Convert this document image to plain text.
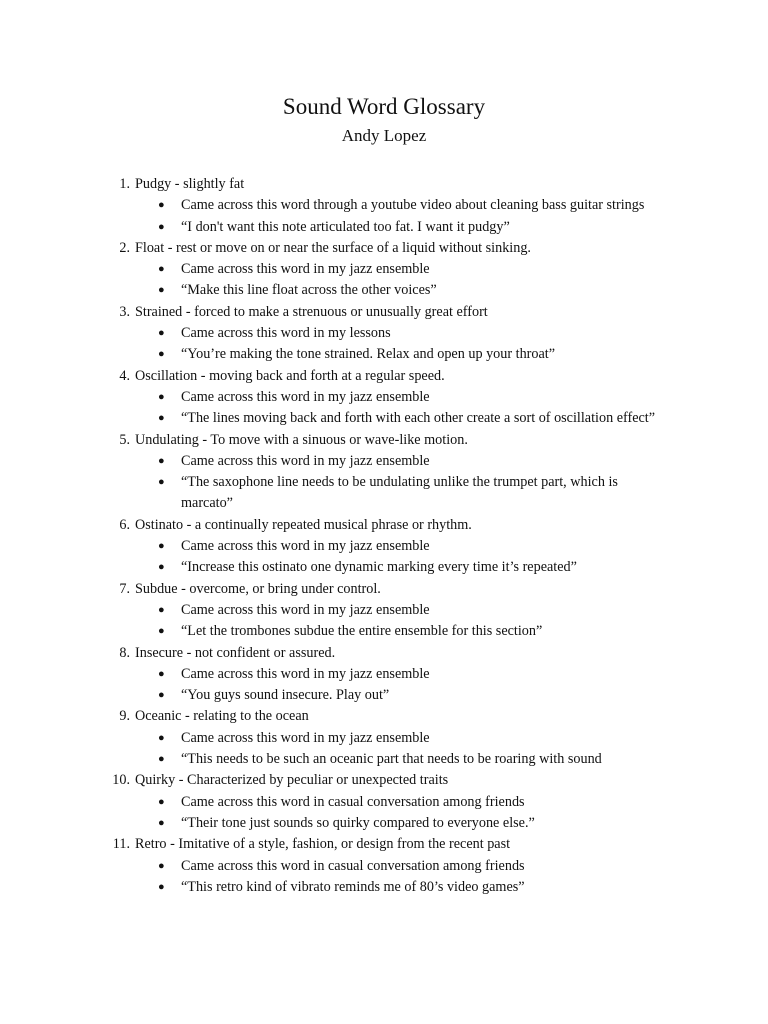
Sound Word Glossary
Andy Lopez
1. Pudgy - slightly fat
● Came across this word through a youtube video about cleaning bass guitar strings
● “I don't want this note articulated too fat. I want it pudgy”
2. Float - rest or move on or near the surface of a liquid without sinking.
● Came across this word in my jazz ensemble
● “Make this line float across the other voices”
3. Strained - forced to make a strenuous or unusually great effort
● Came across this word in my lessons
● “You’re making the tone strained. Relax and open up your throat”
4. Oscillation - moving back and forth at a regular speed.
● Came across this word in my jazz ensemble
● “The lines moving back and forth with each other create a sort of oscillation effect”
5. Undulating - To move with a sinuous or wave-like motion.
● Came across this word in my jazz ensemble
● “The saxophone line needs to be undulating unlike the trumpet part, which is marcato”
6. Ostinato - a continually repeated musical phrase or rhythm.
● Came across this word in my jazz ensemble
● “Increase this ostinato one dynamic marking every time it’s repeated”
7. Subdue - overcome, or bring under control.
● Came across this word in my jazz ensemble
● “Let the trombones subdue the entire ensemble for this section”
8. Insecure - not confident or assured.
● Came across this word in my jazz ensemble
● “You guys sound insecure. Play out”
9. Oceanic - relating to the ocean
● Came across this word in my jazz ensemble
● “This needs to be such an oceanic part that needs to be roaring with sound
10. Quirky - Characterized by peculiar or unexpected traits
● Came across this word in casual conversation among friends
● “Their tone just sounds so quirky compared to everyone else.”
11. Retro - Imitative of a style, fashion, or design from the recent past
● Came across this word in casual conversation among friends
● “This retro kind of vibrato reminds me of 80’s video games”
